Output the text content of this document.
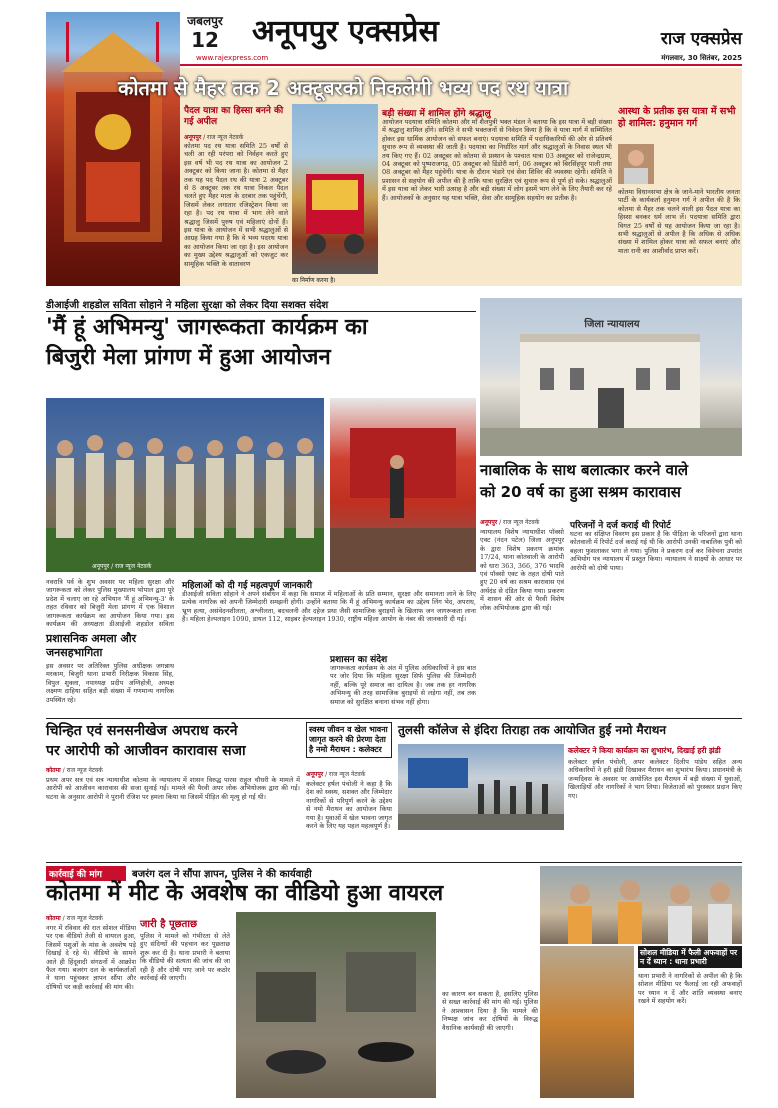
जबलपुर
12	अनूपपुर एक्सप्रेस
www.rajexpress.com
राज एक्सप्रेस
मंगलवार, 30 सितंबर, 2025
कोतमा से मैहर तक 2 अक्टूबरको निकलेगी भव्य पद रथ यात्रा
पैदल यात्रा का हिस्सा बनने की गई अपील
अनूपपुर / राज न्यूज नेटवर्क
कोतमा पद रथ यात्रा समिति 25 वर्षों से चली आ रही परंपरा को निर्वहन करते हुए इस वर्ष भी पद रथ यात्रा का आयोजन 2 अक्टूबर को किया जाना है। कोतमा से मैहर तक यह पद पैदल रथ की यात्रा 2 अक्टूबर से 8 अक्टूबर तक रथ यात्रा निकल पैदल चलते हुए मैहर माता के दरबार तक पहुंचेंगी, जिसमें लेकर लगातार रजिस्ट्रेशन किया जा रहा है। पद रथ यात्रा में भाग लेने वाले श्रद्धालु जिसमें पुरुष एवं महिलाएं दोनों हैं। इस यात्रा के आयोजन में सभी श्रद्धालुओं से आग्रह किया गया है कि वे भव्य पदरथ यात्रा का आयोजन किया जा रहा है। इस आयोजन का मुख्य उद्देश्य श्रद्धालुओं को एकजुट कर सामूहिक भक्ति के वातावरण
का निर्माण करना है।
बड़ी संख्या में शामिल होंगे श्रद्धालु
आयोजन पदयात्रा समिति कोतमा और माँ शैलपुत्री भक्त मंडल ने बताया कि इस यात्रा में बड़ी संख्या में श्रद्धालु शामिल होंगे। समिति ने सभी भक्तजनों से निवेदन किया है कि वे यात्रा मार्ग में सम्मिलित होकर इस धार्मिक आयोजन को सफल बनाएं। पदयात्रा समिति में पदाधिकारियों की ओर से प्रतिवर्ष सुचारु रूप से व्यवस्था की जाती है। पदयात्रा का निर्धारित मार्ग और श्रद्धालुओं के निवास स्थल भी तय किए गए हैं। 02 अक्टूबर को कोतमा से प्रस्थान के पश्चात यात्रा 03 अक्टूबर को राजेन्द्रग्राम, 04 अक्टूबर को पुष्पराजगढ़, 05 अक्टूबर को डिंडोरी मार्ग, 06 अक्टूबर को बिरसिंहपुर पाली तथा 08 अक्टूबर को मैहर पहुंचेगी। यात्रा के दौरान भंडारे एवं सेवा शिविर की व्यवस्था रहेगी। समिति ने प्रशासन से सहयोग की अपील की है ताकि यात्रा सुरक्षित एवं सुचारु रूप से पूर्ण हो सके। श्रद्धालुओं में इस यात्रा को लेकर भारी उत्साह है और बड़ी संख्या में लोग इसमें भाग लेने के लिए तैयारी कर रहे हैं। आयोजकों के अनुसार यह यात्रा भक्ति, सेवा और सामूहिक सहयोग का प्रतीक है।
आस्था के प्रतीक इस यात्रा में सभी हो शामिल: हनुमान गर्ग
कोतमा विधानसभा क्षेत्र के जाने-माने भारतीय जनता पार्टी के कार्यकर्ता हनुमान गर्ग ने अपील की है कि कोतमा से मैहर तक चलने वाली इस पैदल यात्रा का हिस्सा बनकर धर्म लाभ लें। पदयात्रा समिति द्वारा विगत 25 वर्षों से यह आयोजन किया जा रहा है। सभी श्रद्धालुओं से अपील है कि अधिक से अधिक संख्या में शामिल होकर यात्रा को सफल बनाएं और माता रानी का आशीर्वाद प्राप्त करें।
डीआईजी शहडोल सविता सोहाने ने महिला सुरक्षा को लेकर दिया सशक्त संदेश
'मैं हूं अभिमन्यु' जागरूकता कार्यक्रम का
बिजुरी मेला प्रांगण में हुआ आयोजन
अनूपपुर / राज न्यूज नेटवर्क
नवरात्रि पर्व के शुभ अवसर पर महिला सुरक्षा और जागरूकता को लेकर पुलिस मुख्यालय भोपाल द्वारा पूरे प्रदेश में चलाए जा रहे अभियान 'मैं हूं अभिमन्यु-3' के तहत रविवार को बिजुरी मेला प्रांगण में एक विशाल जागरूकता कार्यक्रम का आयोजन किया गया। इस कार्यक्रम की अध्यक्षता डीआईजी शहडोल सविता
प्रशासनिक अमला और जनसहभागिता
इस अवसर पर अतिरिक्त पुलिस अधीक्षक जगन्नाथ मरकाम, बिजुरी थाना प्रभारी निरीक्षक विकास सिंह, विपुल शुक्ला, नपाध्यक्ष प्रदीप अग्निहोत्री, अध्यक्ष लक्ष्मण दाहिया सहित बड़ी संख्या में गणमान्य नागरिक उपस्थित रहे।
महिलाओं को दी गई महत्वपूर्ण जानकारी
डीआईजी सविता सोहाने ने अपने संबोधन में कहा कि समाज में महिलाओं के प्रति सम्मान, सुरक्षा और समानता लाने के लिए प्रत्येक नागरिक को अपनी जिम्मेदारी समझनी होगी। उन्होंने बताया कि मैं हूं अभिमन्यु कार्यक्रम का उद्देश्य लिंग भेद, अपराध, भ्रूण हत्या, असंवेदनशीलता, अश्लीलता, बदचलनी और दहेज प्रथा जैसी सामाजिक बुराइयों के खिलाफ जन जागरूकता लाना है। महिला हेल्पलाइन 1090, डायल 112, साइबर हेल्पलाइन 1930, राष्ट्रीय महिला आयोग के नंबर की जानकारी दी गई।
प्रशासन का संदेश
जागरूकता कार्यक्रम के अंत में पुलिस अधिकारियों ने इस बात पर जोर दिया कि महिला सुरक्षा सिर्फ पुलिस की जिम्मेदारी नहीं, बल्कि पूरे समाज का दायित्व है। जब तक हर नागरिक अभिमन्यु की तरह सामाजिक बुराइयों से लड़ेगा नहीं, तब तक समाज को सुरक्षित बनाना संभव नहीं होगा।
जिला न्यायालय
नाबालिक के साथ बलात्कार करने वाले
को 20 वर्ष का हुआ सश्रम कारावास
अनूपपुर / राज न्यूज नेटवर्क
न्यायालय विशेष न्यायाधीश पॉक्सो एक्ट (नंदन पटेल) जिला अनूपपुर के द्वारा विशेष प्रकरण क्रमांक 17/24, थाना कोतवाली के आरोपी को धारा 363, 366, 376 भादवि एवं पॉक्सो एक्ट के तहत दोषी पाते हुए 20 वर्ष का सश्रम कारावास एवं अर्थदंड से दंडित किया गया। प्रकरण में शासन की ओर से पैरवी विशेष लोक अभियोजक द्वारा की गई।
परिजनों ने दर्ज कराई थी रिपोर्ट
घटना का संक्षिप्त विवरण इस प्रकार है कि पीड़िता के परिजनों द्वारा थाना कोतवाली में रिपोर्ट दर्ज कराई गई थी कि आरोपी उनकी नाबालिक पुत्री को बहला फुसलाकर भगा ले गया। पुलिस ने प्रकरण दर्ज कर विवेचना उपरांत अभियोग पत्र न्यायालय में प्रस्तुत किया। न्यायालय ने साक्ष्यों के आधार पर आरोपी को दोषी पाया।
चिन्हित एवं सनसनीखेज अपराध करने
पर आरोपी को आजीवन कारावास सजा
कोतमा / राज न्यूज नेटवर्क
प्रथम अपर सत्र एवं सत्र न्यायाधीश कोतमा के न्यायालय में शासन विरुद्ध पारस राहुल चौधरी के मामले में आरोपी को आजीवन कारावास की सजा सुनाई गई। मामले की पैरवी अपर लोक अभियोजक द्वारा की गई। घटना के अनुसार आरोपी ने पुरानी रंजिश पर हमला किया था जिसमें पीड़ित की मृत्यु हो गई थी।
स्वस्थ जीवन व खेल भावना जागृत करने की प्रेरणा देता है नमो मैराथन : कलेक्टर
अनूपपुर / राज न्यूज नेटवर्क
कलेक्टर हर्षल पंचोली ने कहा है कि देश को स्वस्थ, सशक्त और जिम्मेदार नागरिकों से परिपूर्ण करने के उद्देश्य से नमो मैराथन का आयोजन किया गया है। युवाओं में खेल भावना जागृत करने के लिए यह पहल महत्वपूर्ण है।
तुलसी कॉलेज से इंदिरा तिराहा तक आयोजित हुई नमो मैराथन
कलेक्टर ने किया कार्यक्रम का शुभारंभ, दिखाई हरी झंडी
कलेक्टर हर्षल पंचोली, अपर कलेक्टर दिलीप पांडेय सहित अन्य अधिकारियों ने हरी झंडी दिखाकर मैराथन का शुभारंभ किया। प्रधानमंत्री के जन्मदिवस के अवसर पर आयोजित इस मैराथन में बड़ी संख्या में युवाओं, खिलाड़ियों और नागरिकों ने भाग लिया। विजेताओं को पुरस्कार प्रदान किए गए।
कार्रवाई की मांग	बजरंग दल ने सौंपा ज्ञापन, पुलिस ने की कार्यवाही
कोतमा में मीट के अवशेष का वीडियो हुआ वायरल
कोतमा / राज न्यूज नेटवर्क
नगर में रविवार की रात सोशल मीडिया पर एक वीडियो तेजी से वायरल हुआ, जिसमें पशुओं के मांस के अवशेष पड़े दिखाई दे रहे थे। वीडियो के सामने आते ही हिंदूवादी संगठनों में आक्रोश फैल गया। बजरंग दल के कार्यकर्ताओं ने थाना पहुंचकर ज्ञापन सौंपा और दोषियों पर कड़ी कार्रवाई की मांग की।
जारी है पूछताछ
पुलिस ने मामले को गंभीरता से लेते हुए संदिग्धों की पहचान कर पूछताछ शुरू कर दी है। थाना प्रभारी ने बताया कि वीडियो की सत्यता की जांच की जा रही है और दोषी पाए जाने पर कठोर कार्रवाई की जाएगी।
का कारण बन सकता है, इसलिए पुलिस से सख्त कार्रवाई की मांग की गई। पुलिस ने आश्वासन दिया है कि मामले की निष्पक्ष जांच कर दोषियों के विरुद्ध वैधानिक कार्यवाही की जाएगी।
सोशल मीडिया में फैली अफवाहों पर न दें ध्यान : थाना प्रभारी
थाना प्रभारी ने नागरिकों से अपील की है कि सोशल मीडिया पर फैलाई जा रही अफवाहों पर ध्यान न दें और शांति व्यवस्था बनाए रखने में सहयोग करें।
